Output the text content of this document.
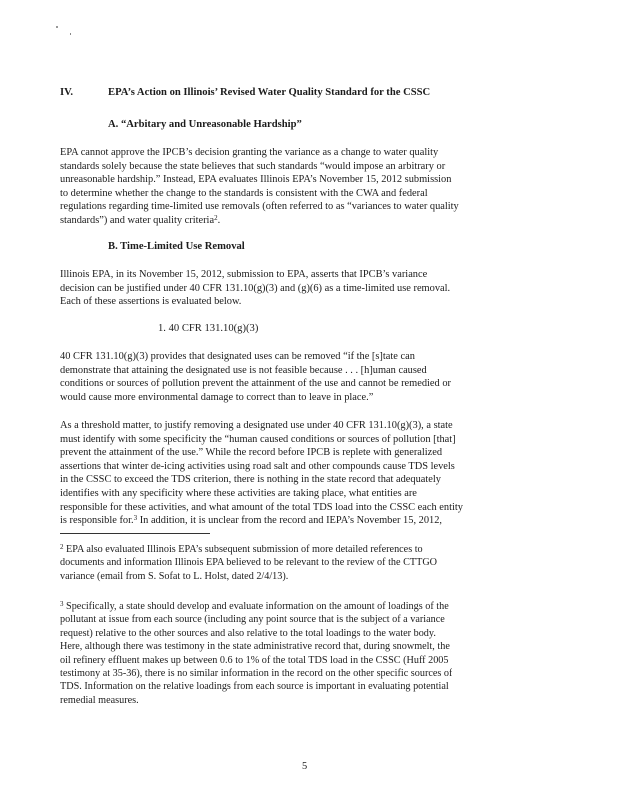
IV.	EPA’s Action on Illinois’ Revised Water Quality Standard for the CSSC
A. “Arbitary and Unreasonable Hardship”
EPA cannot approve the IPCB’s decision granting the variance as a change to water quality
standards solely because the state believes that such standards “would impose an arbitrary or
unreasonable hardship.” Instead, EPA evaluates Illinois EPA’s November 15, 2012 submission
to determine whether the change to the standards is consistent with the CWA and federal
regulations regarding time-limited use removals (often referred to as “variances to water quality
standards”) and water quality criteria$^2$.
B. Time-Limited Use Removal
Illinois EPA, in its November 15, 2012, submission to EPA, asserts that IPCB’s variance
decision can be justified under 40 CFR 131.10(g)(3) and (g)(6) as a time-limited use removal.
Each of these assertions is evaluated below.
1. 40 CFR 131.10(g)(3)
40 CFR 131.10(g)(3) provides that designated uses can be removed “if the [s]tate can
demonstrate that attaining the designated use is not feasible because . . . [h]uman caused
conditions or sources of pollution prevent the attainment of the use and cannot be remedied or
would cause more environmental damage to correct than to leave in place.”
As a threshold matter, to justify removing a designated use under 40 CFR 131.10(g)(3), a state
must identify with some specificity the “human caused conditions or sources of pollution [that]
prevent the attainment of the use.” While the record before IPCB is replete with generalized
assertions that winter de-icing activities using road salt and other compounds cause TDS levels
in the CSSC to exceed the TDS criterion, there is nothing in the state record that adequately
identifies with any specificity where these activities are taking place, what entities are
responsible for these activities, and what amount of the total TDS load into the CSSC each entity
is responsible for.$^3$ In addition, it is unclear from the record and IEPA’s November 15, 2012,
$^2$ EPA also evaluated Illinois EPA’s subsequent submission of more detailed references to
documents and information Illinois EPA believed to be relevant to the review of the CTTGO
variance (email from S. Sofat to L. Holst, dated 2/4/13).
$^3$ Specifically, a state should develop and evaluate information on the amount of loadings of the
pollutant at issue from each source (including any point source that is the subject of a variance
request) relative to the other sources and also relative to the total loadings to the water body.
Here, although there was testimony in the state administrative record that, during snowmelt, the
oil refinery effluent makes up between 0.6 to 1% of the total TDS load in the CSSC (Huff 2005
testimony at 35-36), there is no similar information in the record on the other specific sources of
TDS. Information on the relative loadings from each source is important in evaluating potential
remedial measures.
5
